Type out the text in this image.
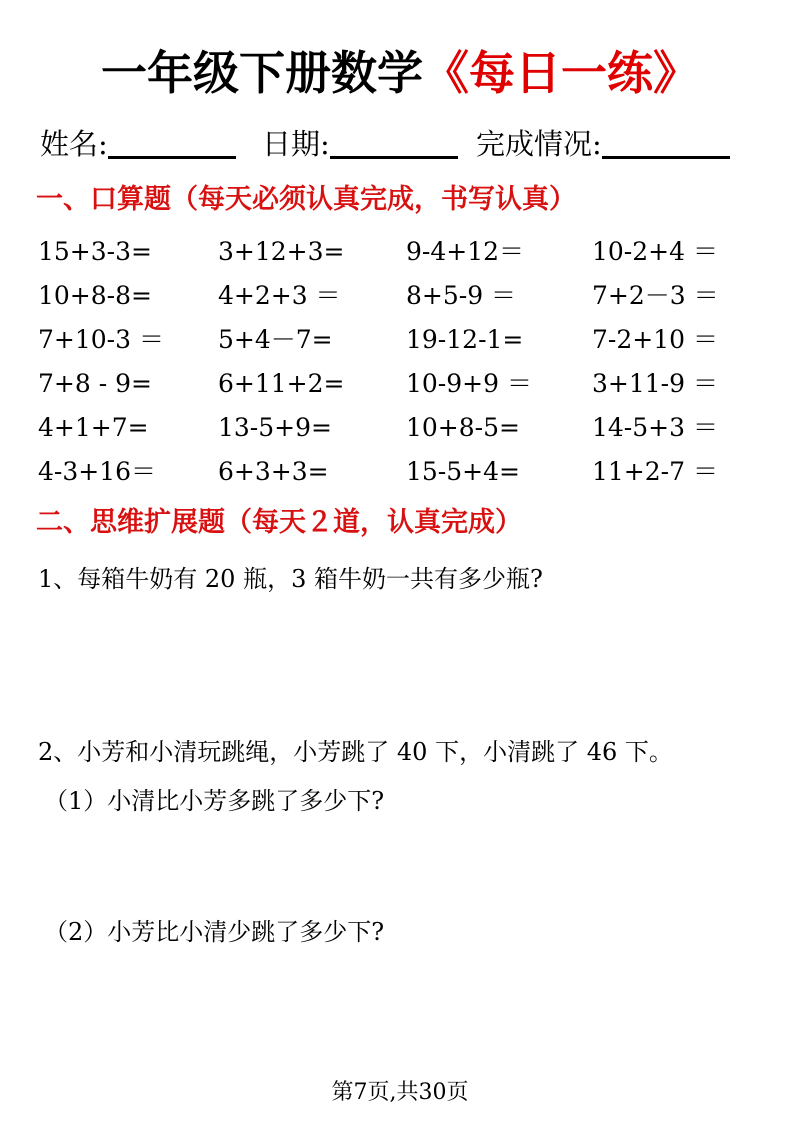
一年级下册数学《每日一练》
姓名:	日期:	完成情况:
一、口算题（每天必须认真完成，书写认真）
15+3-3=	3+12+3= 9-4+12＝	10-2+4 ＝
10+8-8=	4+2+3 ＝	8+5-9 ＝	7+2－3 ＝
7+10-3 ＝ 5+4－7=	19-12-1=	7-2+10 ＝
7+8 - 9=	6+11+2= 10-9+9 ＝ 3+11-9 ＝
4+1+7=	13-5+9=	10+8-5=	14-5+3 ＝
4-3+16＝ 6+3+3=	15-5+4=	11+2-7 ＝
二、思维扩展题（每天２道，认真完成）
1、每箱牛奶有 20 瓶，3 箱牛奶一共有多少瓶?
2、小芳和小清玩跳绳，小芳跳了 40 下，小清跳了 46 下。
（1）小清比小芳多跳了多少下?
（2）小芳比小清少跳了多少下?
第7页,共30页
